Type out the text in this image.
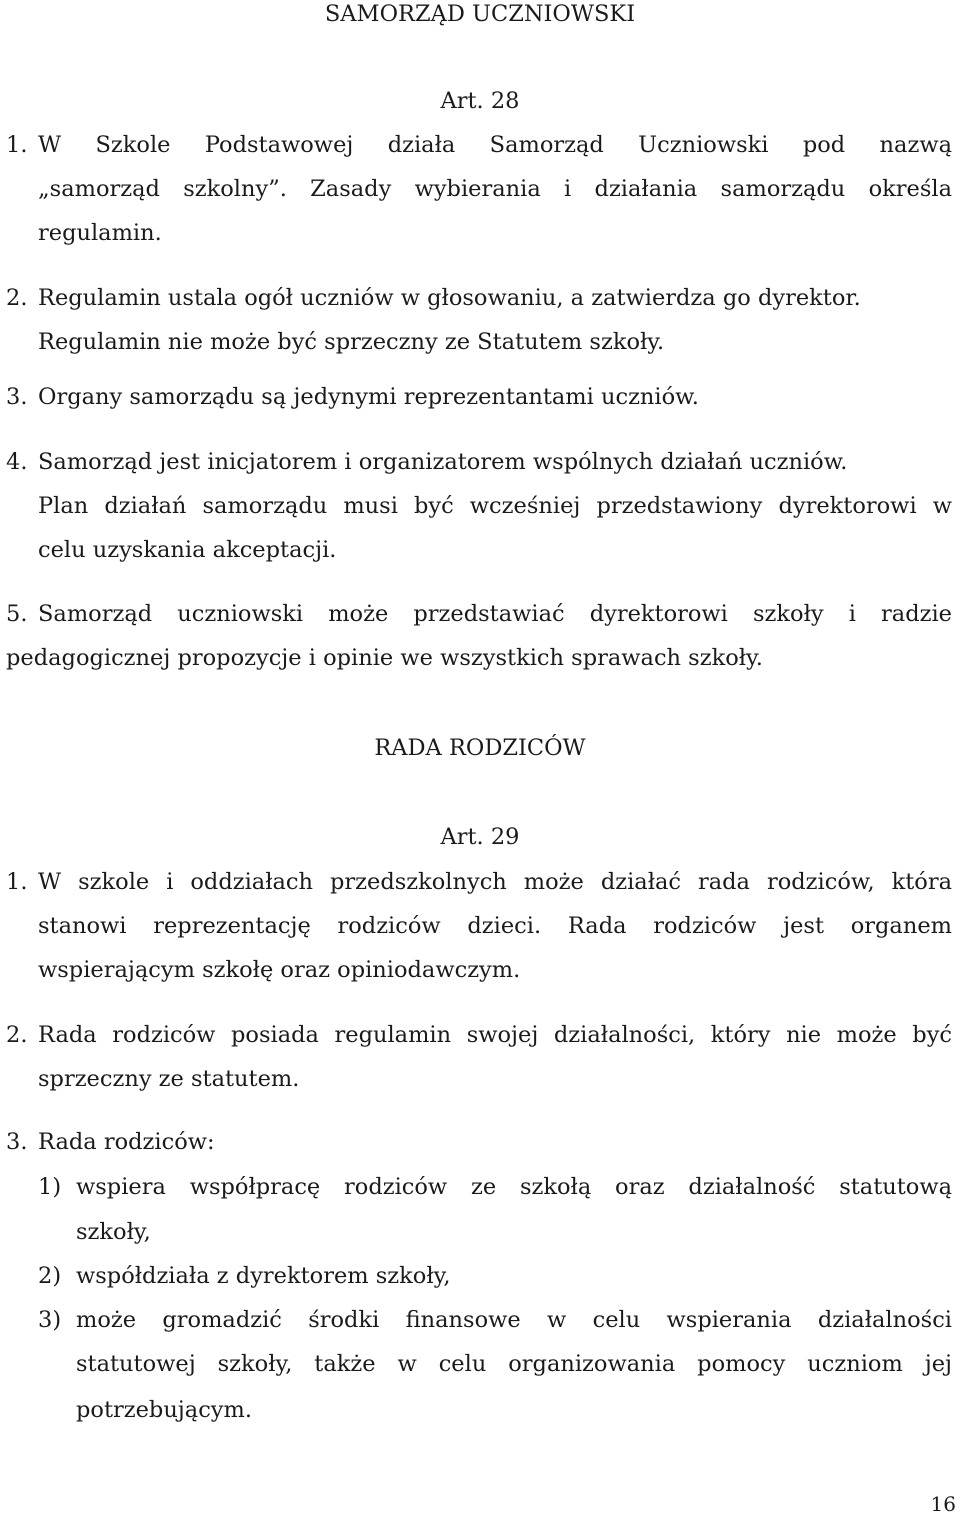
SAMORZĄD UCZNIOWSKI
Art. 28
1. W Szkole Podstawowej działa Samorząd Uczniowski pod nazwą
„samorząd szkolny”. Zasady wybierania i działania samorządu określa
regulamin.
2. Regulamin ustala ogół uczniów w głosowaniu, a zatwierdza go dyrektor.
Regulamin nie może być sprzeczny ze Statutem szkoły.
3. Organy samorządu są jedynymi reprezentantami uczniów.
4. Samorząd jest inicjatorem i organizatorem wspólnych działań uczniów.
Plan działań samorządu musi być wcześniej przedstawiony dyrektorowi w
celu uzyskania akceptacji.
5. Samorząd uczniowski może przedstawiać dyrektorowi szkoły i radzie
pedagogicznej propozycje i opinie we wszystkich sprawach szkoły.
RADA RODZICÓW
Art. 29
1. W szkole i oddziałach przedszkolnych może działać rada rodziców, która
stanowi reprezentację rodziców dzieci. Rada rodziców jest organem
wspierającym szkołę oraz opiniodawczym.
2. Rada rodziców posiada regulamin swojej działalności, który nie może być
sprzeczny ze statutem.
3. Rada rodziców:
1) wspiera współpracę rodziców ze szkołą oraz działalność statutową
szkoły,
2) współdziała z dyrektorem szkoły,
3) może gromadzić środki finansowe w celu wspierania działalności
statutowej szkoły, także w celu organizowania pomocy uczniom jej
potrzebującym.
16
